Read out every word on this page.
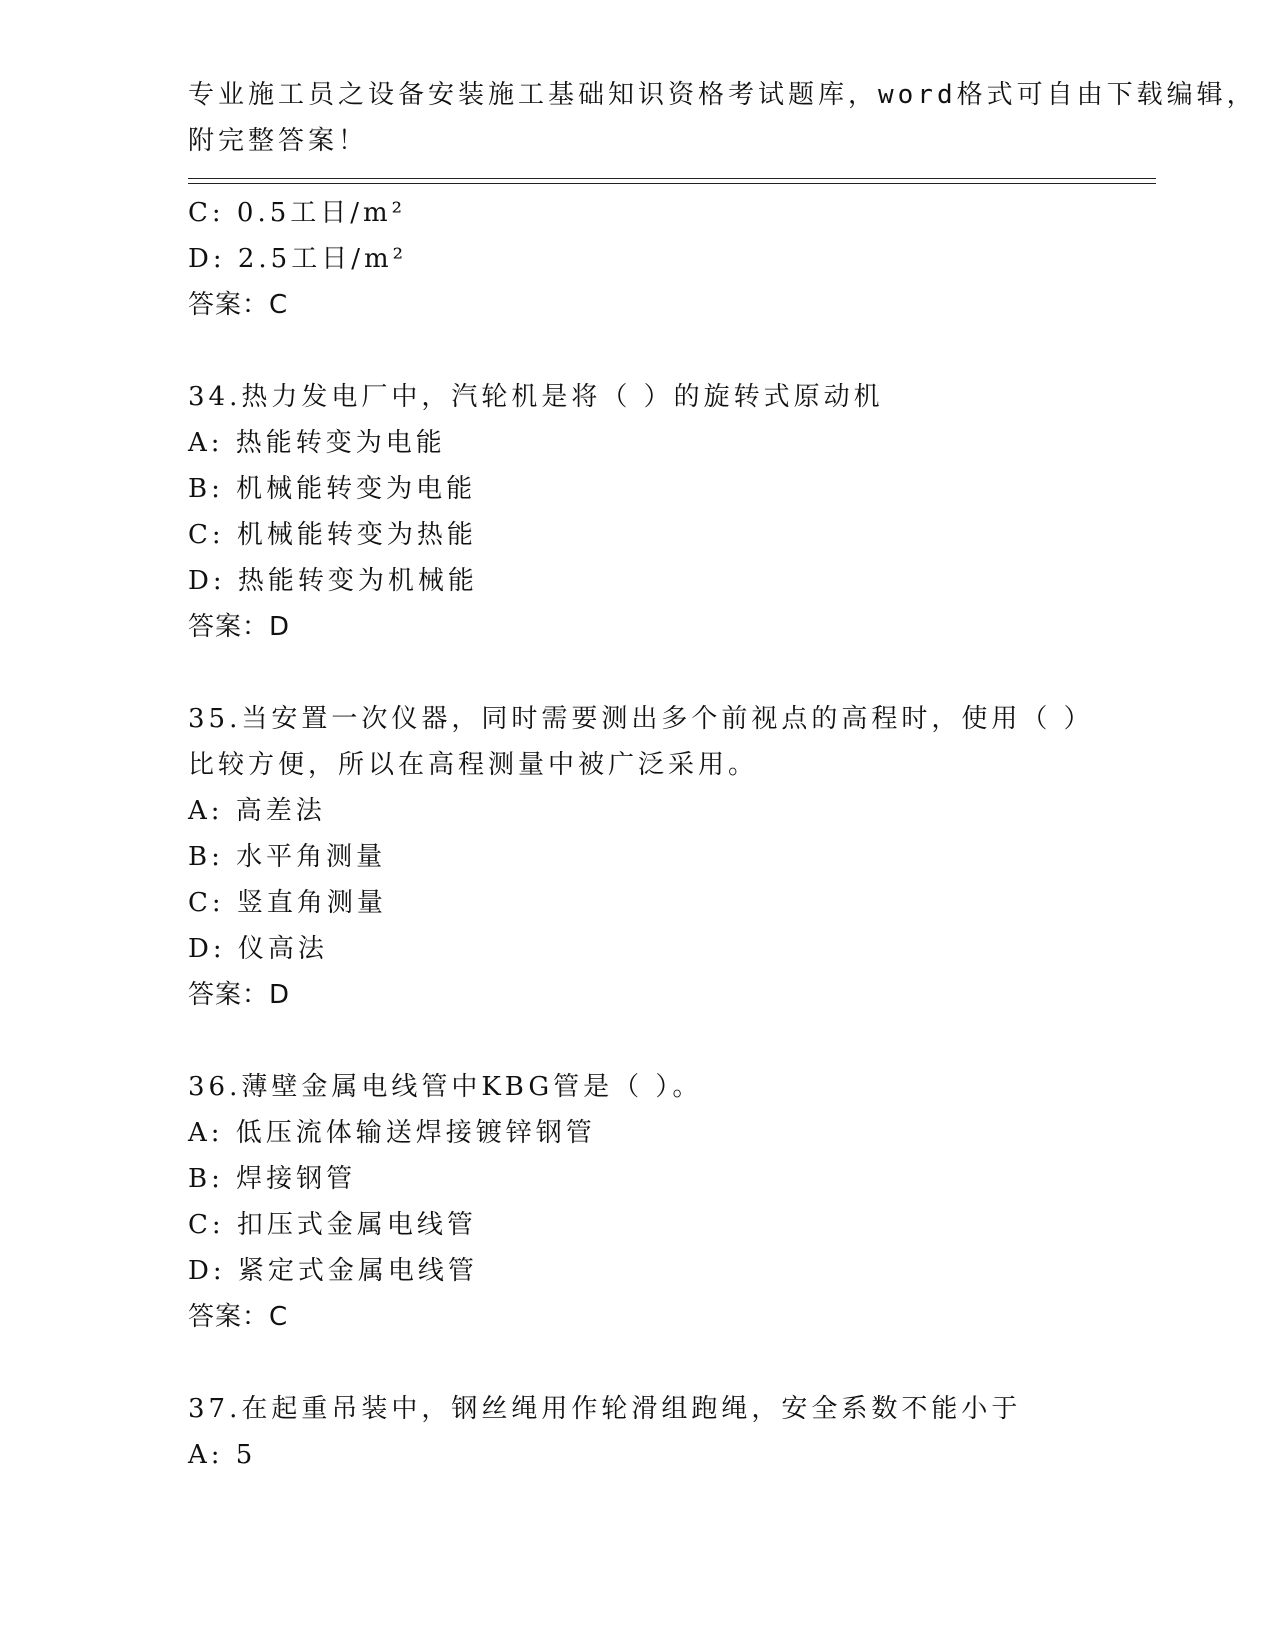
专业施工员之设备安装施工基础知识资格考试题库，word格式可自由下载编辑，
附完整答案！
C: 0.5工日/m²
D: 2.5工日/m²
答案：C
34.热力发电厂中，汽轮机是将（ ）的旋转式原动机
A: 热能转变为电能
B: 机械能转变为电能
C: 机械能转变为热能
D: 热能转变为机械能
答案：D
35.当安置一次仪器，同时需要测出多个前视点的高程时，使用（ ）
比较方便，所以在高程测量中被广泛采用。
A: 高差法
B: 水平角测量
C: 竖直角测量
D: 仪高法
答案：D
36.薄壁金属电线管中KBG管是（ ）。
A: 低压流体输送焊接镀锌钢管
B: 焊接钢管
C: 扣压式金属电线管
D: 紧定式金属电线管
答案：C
37.在起重吊装中，钢丝绳用作轮滑组跑绳，安全系数不能小于
A: 5
